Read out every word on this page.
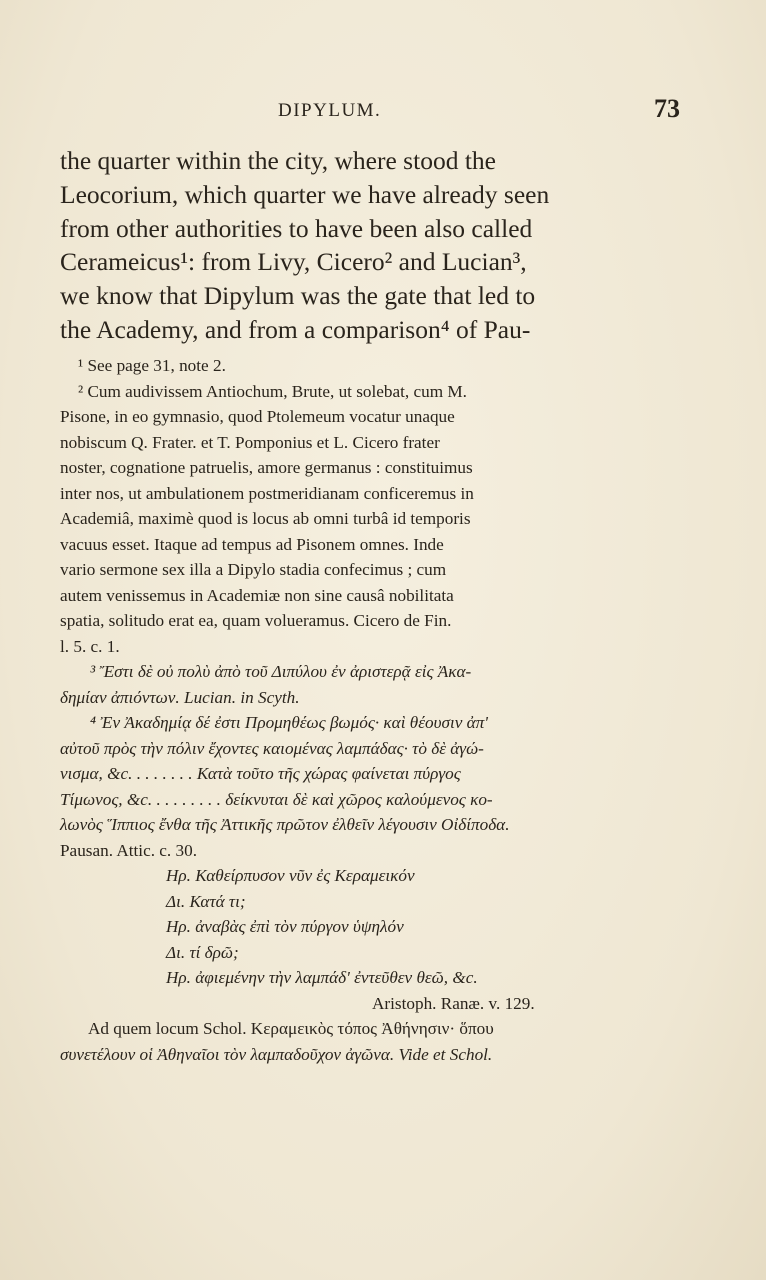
DIPYLUM.	73
the quarter within the city, where stood the
Leocorium, which quarter we have already seen
from other authorities to have been also called
Cerameicus¹: from Livy, Cicero² and Lucian³,
we know that Dipylum was the gate that led to
the Academy, and from a comparison⁴ of Pau-
¹ See page 31, note 2.
² Cum audivissem Antiochum, Brute, ut solebat, cum M.
Pisone, in eo gymnasio, quod Ptolemeum vocatur unaque
nobiscum Q. Frater. et T. Pomponius et L. Cicero frater
noster, cognatione patruelis, amore germanus : constituimus
inter nos, ut ambulationem postmeridianam conficeremus in
Academiâ, maximè quod is locus ab omni turbâ id temporis
vacuus esset. Itaque ad tempus ad Pisonem omnes. Inde
vario sermone sex illa a Dipylo stadia confecimus ; cum
autem venissemus in Academiæ non sine causâ nobilitata
spatia, solitudo erat ea, quam volueramus. Cicero de Fin.
l. 5. c. 1.
³ Ἔστι δὲ οὐ πολὺ ἀπὸ τοῦ Διπύλου ἐν ἀριστερᾷ εἰς Ἀκα-
δημίαν ἀπιόντων. Lucian. in Scyth.
⁴ Ἐν Ἀκαδημίᾳ δέ ἐστι Προμηθέως βωμός· καὶ θέουσιν ἀπ'
αὐτοῦ πρὸς τὴν πόλιν ἔχοντες καιομένας λαμπάδας· τὸ δὲ ἀγώ-
νισμα, &c. . . . . . . . Κατὰ τοῦτο τῆς χώρας φαίνεται πύργος
Τίμωνος, &c. . . . . . . . . δείκνυται δὲ καὶ χῶρος καλούμενος κο-
λωνὸς Ἵππιος ἔνθα τῆς Ἀττικῆς πρῶτον ἐλθεῖν λέγουσιν Οἰδίποδα.
Pausan. Attic. c. 30.
Ηρ. Καθείρπυσον νῦν ἐς Κεραμεικόν
Δι. Κατά τι;
Ηρ. ἀναβὰς ἐπὶ τὸν πύργον ὑψηλόν
Δι. τί δρῶ;
Ηρ. ἀφιεμένην τὴν λαμπάδ' ἐντεῦθεν θεῶ, &c.
Aristoph. Ranæ. v. 129.
Ad quem locum Schol. Κεραμεικὸς τόπος Ἀθήνησιν· ὅπου
συνετέλουν οἱ Ἀθηναῖοι τὸν λαμπαδοῦχον ἀγῶνα. Vide et Schol.
